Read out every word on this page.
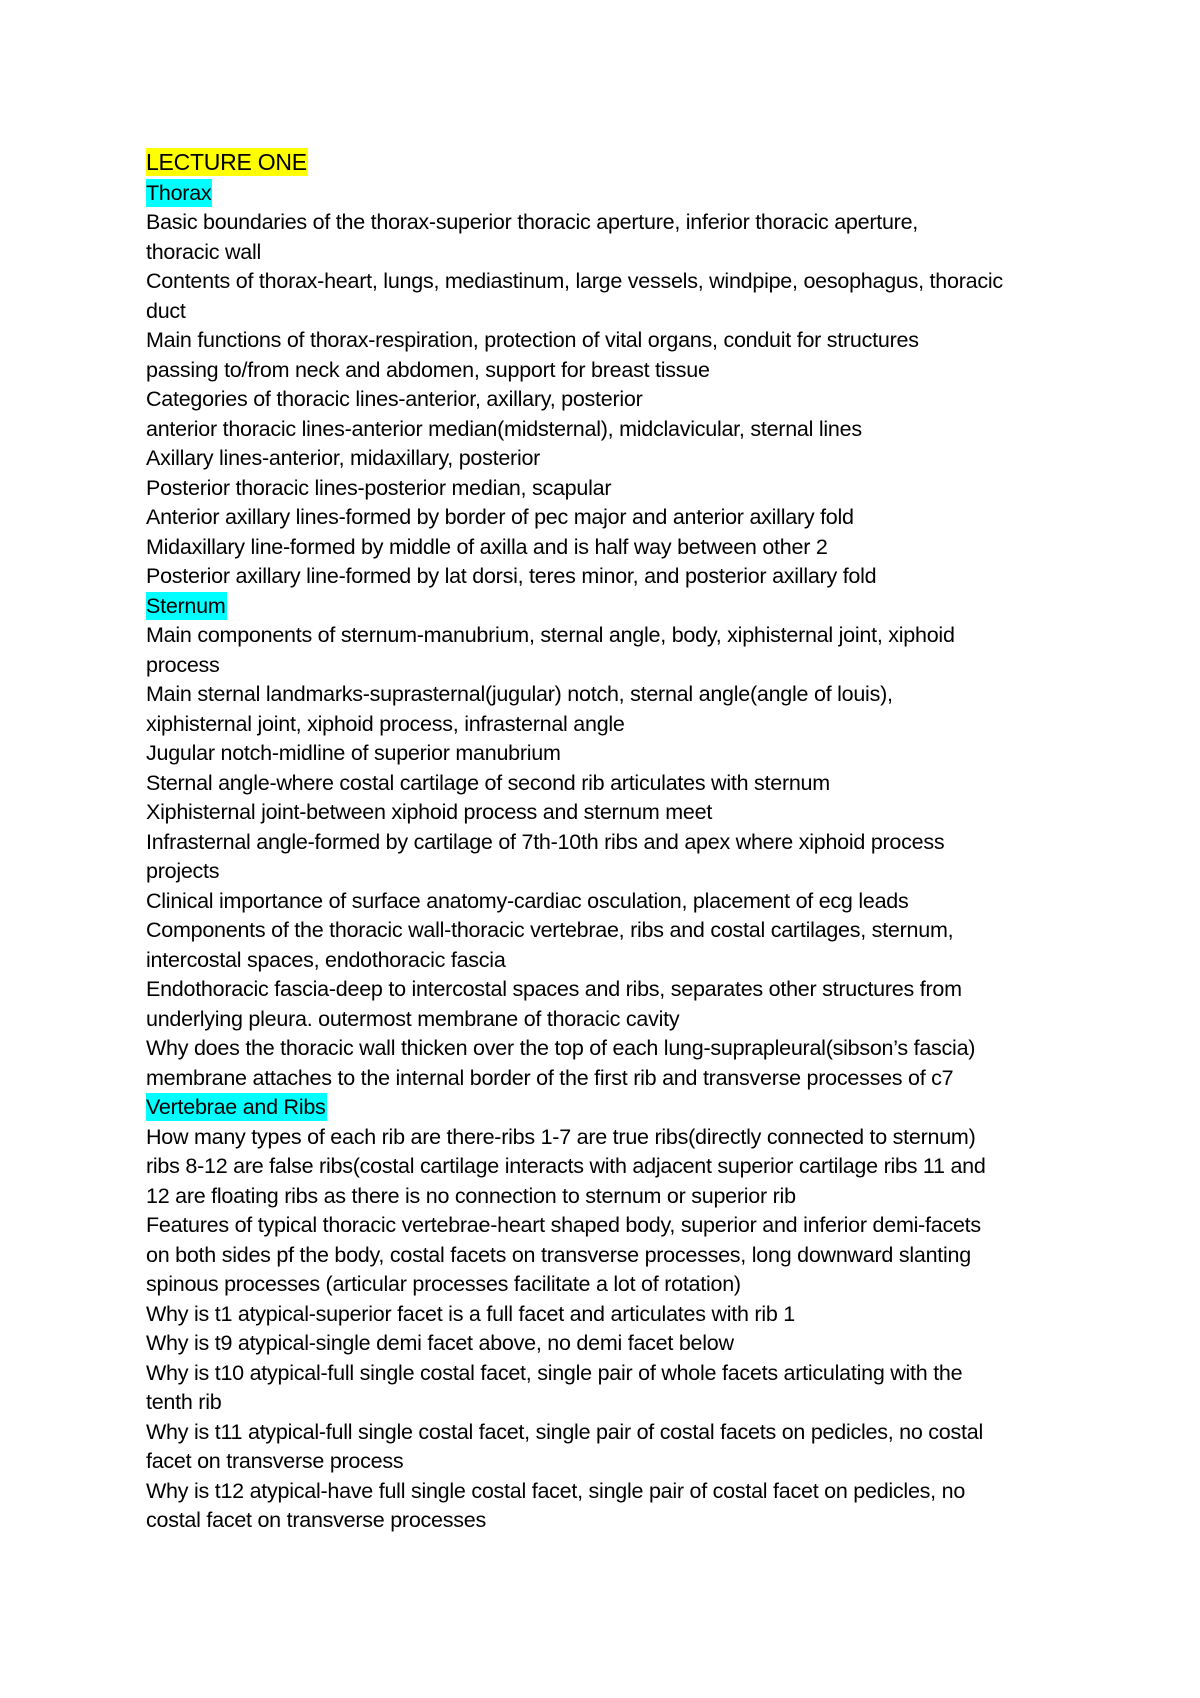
LECTURE ONE
Thorax
Basic boundaries of the thorax-superior thoracic aperture, inferior thoracic aperture,
thoracic wall
Contents of thorax-heart, lungs, mediastinum, large vessels, windpipe, oesophagus, thoracic
duct
Main functions of thorax-respiration, protection of vital organs, conduit for structures
passing to/from neck and abdomen, support for breast tissue
Categories of thoracic lines-anterior, axillary, posterior
anterior thoracic lines-anterior median(midsternal), midclavicular, sternal lines
Axillary lines-anterior, midaxillary, posterior
Posterior thoracic lines-posterior median, scapular
Anterior axillary lines-formed by border of pec major and anterior axillary fold
Midaxillary line-formed by middle of axilla and is half way between other 2
Posterior axillary line-formed by lat dorsi, teres minor, and posterior axillary fold
Sternum
Main components of sternum-manubrium, sternal angle, body, xiphisternal joint, xiphoid
process
Main sternal landmarks-suprasternal(jugular) notch, sternal angle(angle of louis),
xiphisternal joint, xiphoid process, infrasternal angle
Jugular notch-midline of superior manubrium
Sternal angle-where costal cartilage of second rib articulates with sternum
Xiphisternal joint-between xiphoid process and sternum meet
Infrasternal angle-formed by cartilage of 7th-10th ribs and apex where xiphoid process
projects
Clinical importance of surface anatomy-cardiac osculation, placement of ecg leads
Components of the thoracic wall-thoracic vertebrae, ribs and costal cartilages, sternum,
intercostal spaces, endothoracic fascia
Endothoracic fascia-deep to intercostal spaces and ribs, separates other structures from
underlying pleura. outermost membrane of thoracic cavity
Why does the thoracic wall thicken over the top of each lung-suprapleural(sibson’s fascia)
membrane attaches to the internal border of the first rib and transverse processes of c7
Vertebrae and Ribs
How many types of each rib are there-ribs 1-7 are true ribs(directly connected to sternum)
ribs 8-12 are false ribs(costal cartilage interacts with adjacent superior cartilage ribs 11 and
12 are floating ribs as there is no connection to sternum or superior rib
Features of typical thoracic vertebrae-heart shaped body, superior and inferior demi-facets
on both sides pf the body, costal facets on transverse processes, long downward slanting
spinous processes (articular processes facilitate a lot of rotation)
Why is t1 atypical-superior facet is a full facet and articulates with rib 1
Why is t9 atypical-single demi facet above, no demi facet below
Why is t10 atypical-full single costal facet, single pair of whole facets articulating with the
tenth rib
Why is t11 atypical-full single costal facet, single pair of costal facets on pedicles, no costal
facet on transverse process
Why is t12 atypical-have full single costal facet, single pair of costal facet on pedicles, no
costal facet on transverse processes
